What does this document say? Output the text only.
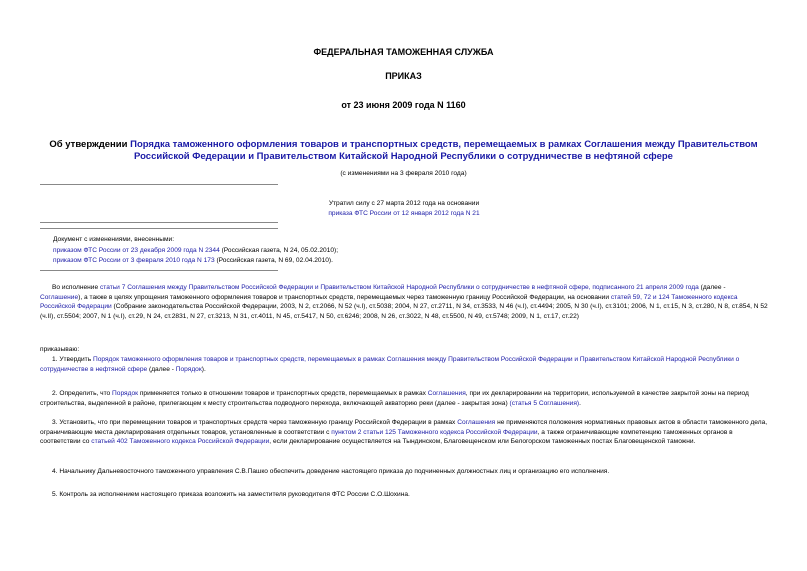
ФЕДЕРАЛЬНАЯ ТАМОЖЕННАЯ СЛУЖБА
ПРИКАЗ
от 23 июня 2009 года N 1160
Об утверждении Порядка таможенного оформления товаров и транспортных средств, перемещаемых в рамках Соглашения между Правительством Российской Федерации и Правительством Китайской Народной Республики о сотрудничестве в нефтяной сфере
(с изменениями на 3 февраля 2010 года)
Утратил силу с 27 марта 2012 года на основании
приказа ФТС России от 12 января 2012 года N 21
Документ с изменениями, внесенными:
приказом ФТС России от 23 декабря 2009 года N 2344 (Российская газета, N 24, 05.02.2010);
приказом ФТС России от 3 февраля 2010 года N 173 (Российская газета, N 69, 02.04.2010).

Во исполнение статьи 7 Соглашения между Правительством Российской Федерации и Правительством Китайской Народной Республики о сотрудничестве в нефтяной сфере, подписанного 21 апреля 2009 года (далее - Соглашение), а также в целях упрощения таможенного оформления товаров и транспортных средств, перемещаемых через таможенную границу Российской Федерации, на основании статей 59, 72 и 124 Таможенного кодекса Российской Федерации (Собрание законодательства Российской Федерации, 2003, N 2, ст.2066, N 52 (ч.I), ст.5038; 2004, N 27, ст.2711, N 34, ст.3533, N 46 (ч.I), ст.4494; 2005, N 30 (ч.I), ст.3101; 2006, N 1, ст.15, N 3, ст.280, N 8, ст.854, N 52 (ч.II), ст.5504; 2007, N 1 (ч.I), ст.29, N 24, ст.2831, N 27, ст.3213, N 31, ст.4011, N 45, ст.5417, N 50, ст.6246; 2008, N 26, ст.3022, N 48, ст.5500, N 49, ст.5748; 2009, N 1, ст.17, ст.22)

приказываю:

1. Утвердить Порядок таможенного оформления товаров и транспортных средств, перемещаемых в рамках Соглашения между Правительством Российской Федерации и Правительством Китайской Народной Республики о сотрудничестве в нефтяной сфере (далее - Порядок).

2. Определить, что Порядок применяется только в отношении товаров и транспортных средств, перемещаемых в рамках Соглашения, при их декларировании на территории, используемой в качестве закрытой зоны на период строительства, выделенной в районе, прилегающем к месту строительства подводного перехода, включающей акваторию реки (далее - закрытая зона) (статья 5 Соглашения).

3. Установить, что при перемещении товаров и транспортных средств через таможенную границу Российской Федерации в рамках Соглашения не применяются положения нормативных правовых актов в области таможенного дела, ограничивающие места декларирования отдельных товаров, установленные в соответствии с пунктом 2 статьи 125 Таможенного кодекса Российской Федерации, а также ограничивающие компетенцию таможенных органов в соответствии со статьей 402 Таможенного кодекса Российской Федерации, если декларирование осуществляется на Тындинском, Благовещенском или Белогорском таможенных постах Благовещенской таможни.

4. Начальнику Дальневосточного таможенного управления С.В.Пашко обеспечить доведение настоящего приказа до подчиненных должностных лиц и организацию его исполнения.

5. Контроль за исполнением настоящего приказа возложить на заместителя руководителя ФТС России С.О.Шохина.
